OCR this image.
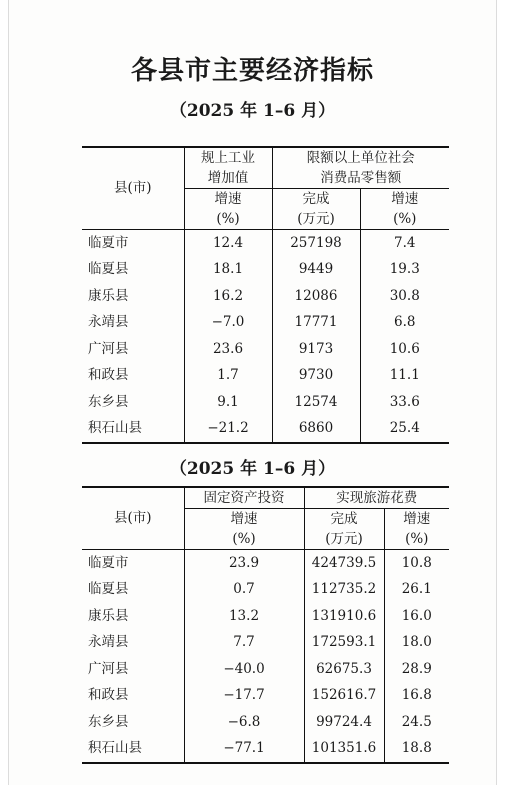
各县市主要经济指标
（2025 年 1–6 月）
县(市)	规上工业	限额以上单位社会	
	增加值	消费品零售额	
	增速	完成	增速
	(%)	(万元)	(%)
临夏市	12.4	257198	7.4
临夏县	18.1	9449	19.3
康乐县	16.2	12086	30.8
永靖县	−7.0	17771	6.8
广河县	23.6	9173	10.6
和政县	1.7	9730	11.1
东乡县	9.1	12574	33.6
积石山县	−21.2	6860	25.4
（2025 年 1–6 月）
县(市)	固定资产投资	实现旅游花费	
	增速	完成	增速
	(%)	(万元)	(%)
临夏市	23.9	424739.5	10.8
临夏县	0.7	112735.2	26.1
康乐县	13.2	131910.6	16.0
永靖县	7.7	172593.1	18.0
广河县	−40.0	62675.3	28.9
和政县	−17.7	152616.7	16.8
东乡县	−6.8	99724.4	24.5
积石山县	−77.1	101351.6	18.8
